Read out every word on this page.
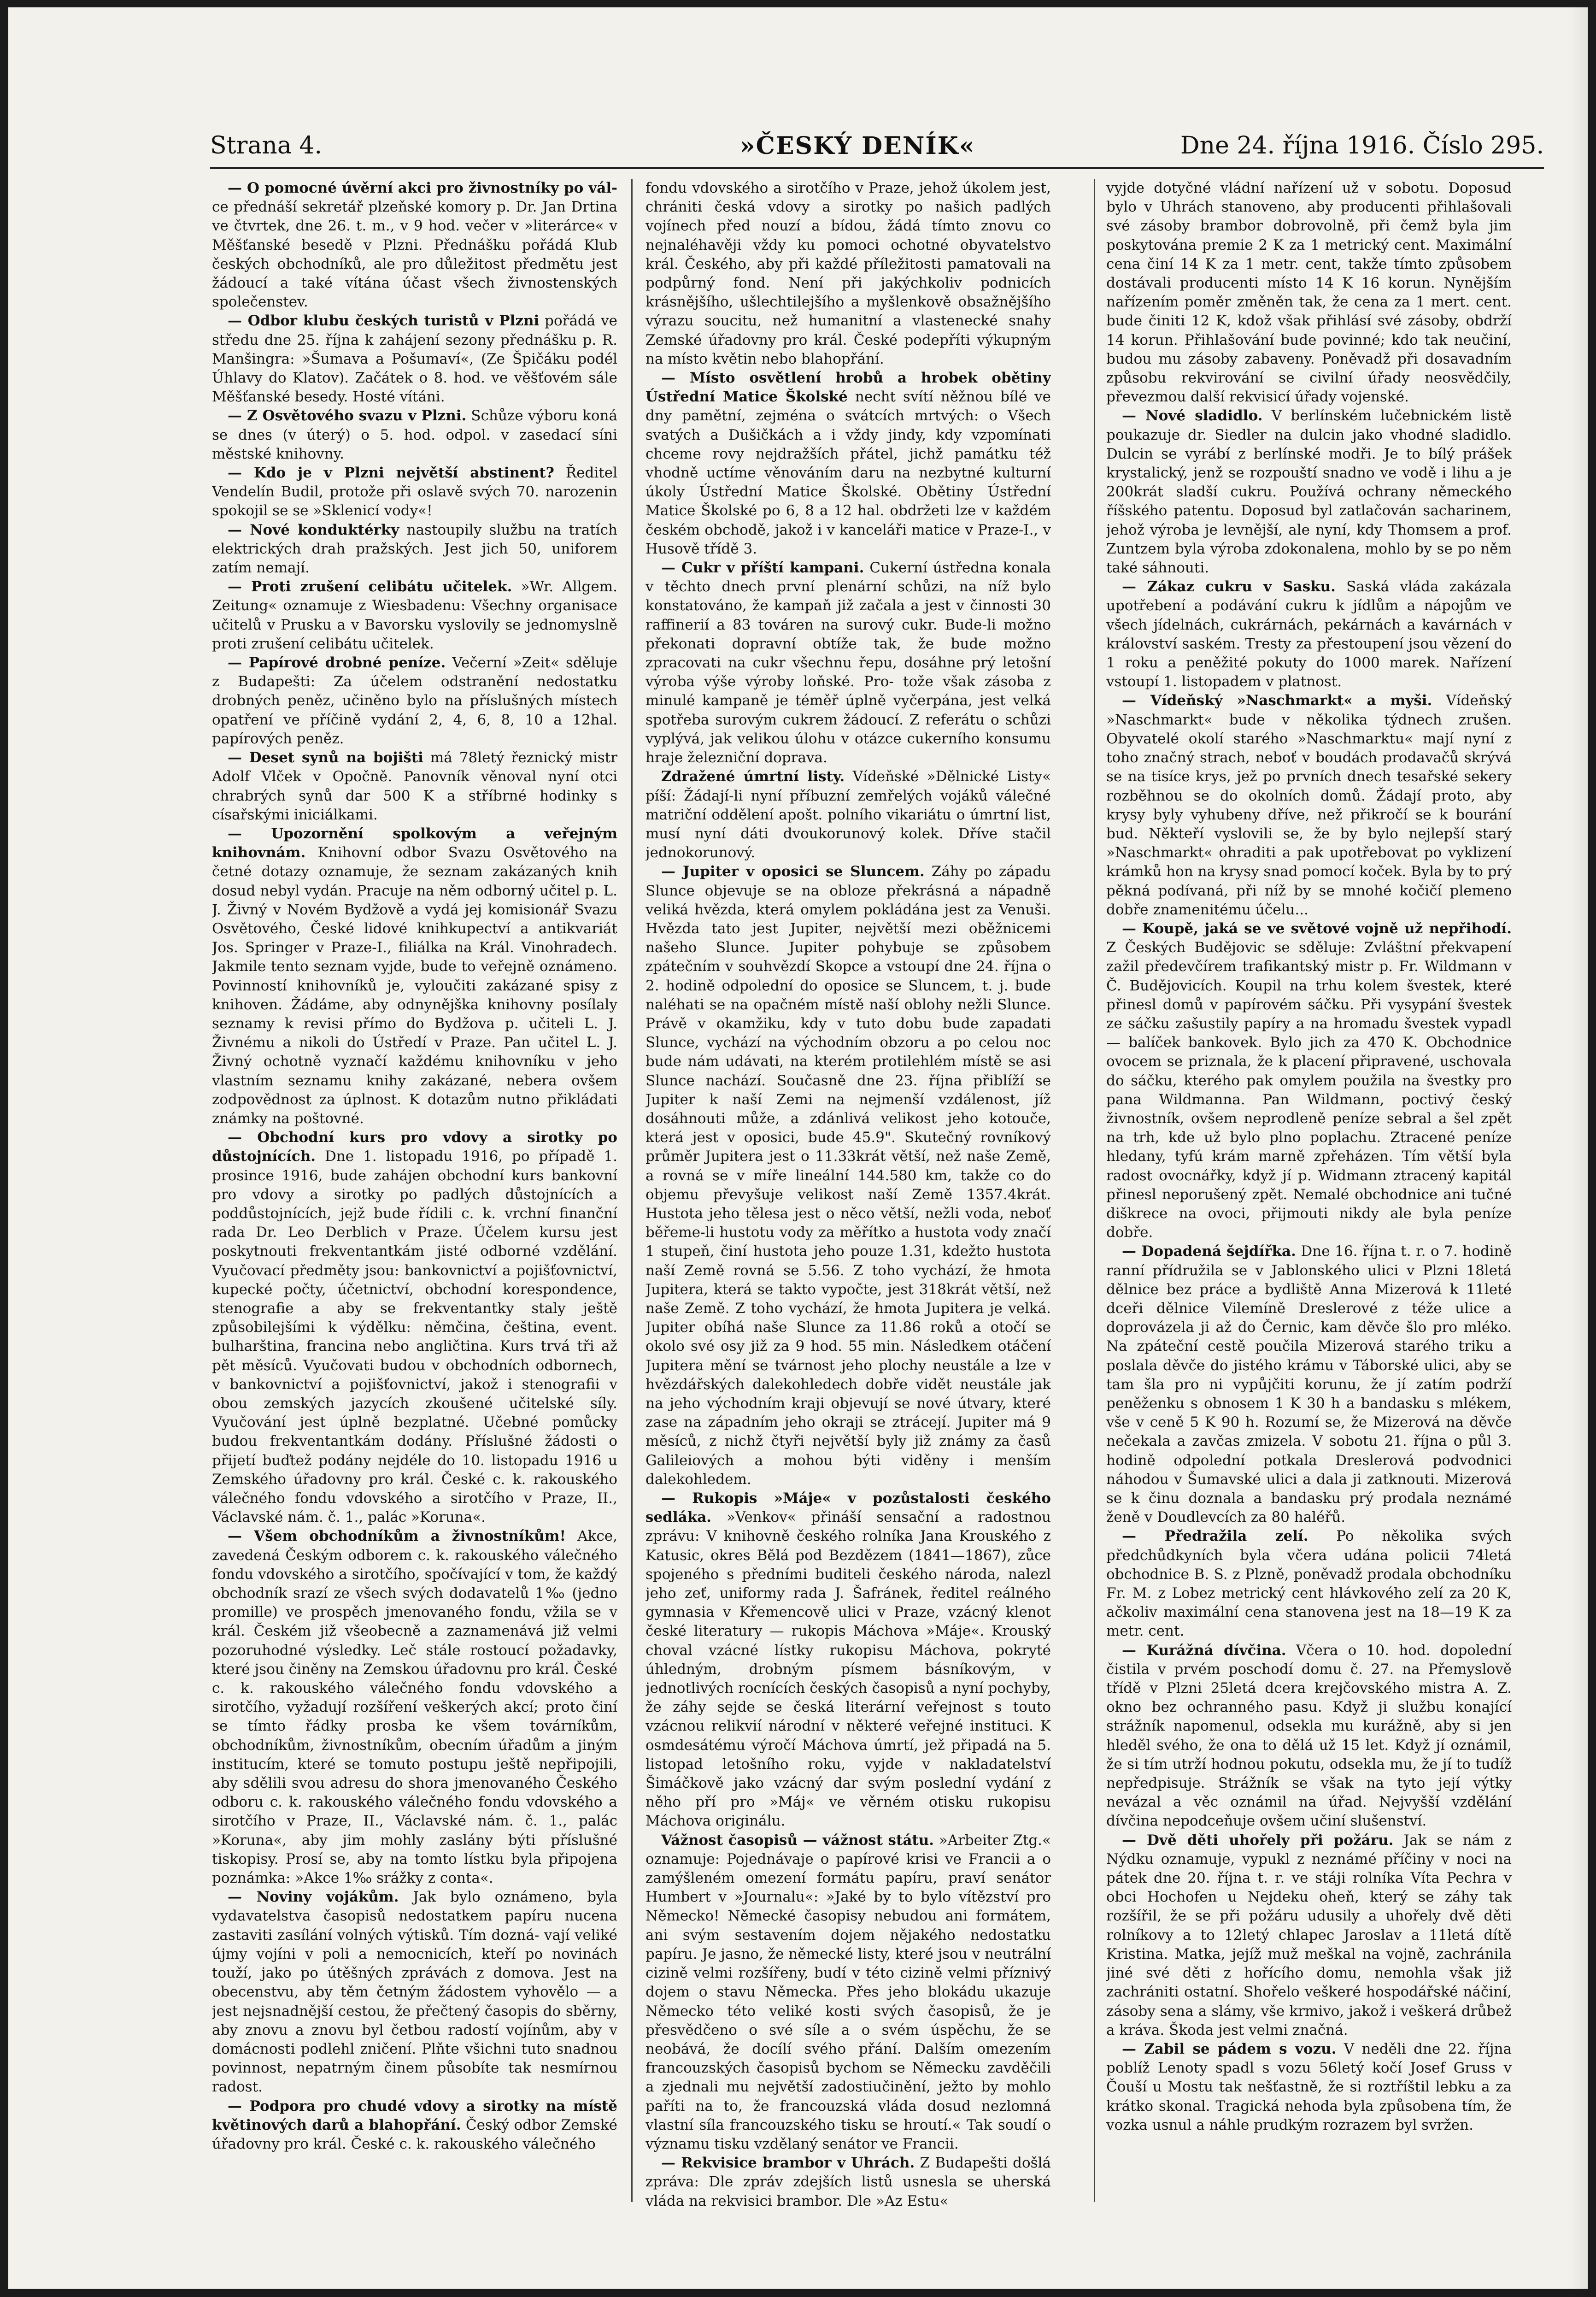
Strana 4.	»ČESKÝ DENÍK«	Dne 24. října 1916. Číslo 295.

— O pomocné úvěrní akci pro živnostníky po vál- ce přednáší sekretář plzeňské komory p. Dr. Jan Drtina ve čtvrtek, dne 26. t. m., v 9 hod. večer v »literárce« v Měšťanské besedě v Plzni. Přednášku pořádá Klub českých obchodníků, ale pro důležitost předmětu jest žádoucí a také vítána účast všech živnostenských společenstev.

— Odbor klubu českých turistů v Plzni pořádá ve středu dne 25. října k zahájení sezony přednášku p. R. Manšingra: »Šumava a Pošumaví«, (Ze Špičáku podél Úhlavy do Klatov). Začátek o 8. hod. ve věšťovém sále Měšťanské besedy. Hosté vítáni.

— Z Osvětového svazu v Plzni. Schůze výboru koná se dnes (v úterý) o 5. hod. odpol. v zasedací síni městské knihovny.

— Kdo je v Plzni největší abstinent? Ředitel Vendelín Budil, protože při oslavě svých 70. narozenin spokojil se se »Sklenicí vody«!

— Nové konduktérky nastoupily službu na tratích elektrických drah pražských. Jest jich 50, uniforem zatím nemají.

— Proti zrušení celibátu učitelek. »Wr. Allgem. Zeitung« oznamuje z Wiesbadenu: Všechny organisace učitelů v Prusku a v Bavorsku vyslovily se jednomyslně proti zrušení celibátu učitelek.

— Papírové drobné peníze. Večerní »Zeit« sděluje z Budapešti: Za účelem odstranění nedostatku drobných peněz, učiněno bylo na příslušných místech opatření ve příčině vydání 2, 4, 6, 8, 10 a 12hal. papírových peněz.

— Deset synů na bojišti má 78letý řeznický mistr Adolf Vlček v Opočně. Panovník věnoval nyní otci chrabrých synů dar 500 K a stříbrné hodinky s císařskými iniciálkami.

— Upozornění spolkovým a veřejným knihovnám. Knihovní odbor Svazu Osvětového na četné dotazy oznamuje, že seznam zakázaných knih dosud nebyl vydán. Pracuje na něm odborný učitel p. L. J. Živný v Novém Bydžově a vydá jej komisionář Svazu Osvětového, České lidové knihkupectví a antikvariát Jos. Springer v Praze-I., filiálka na Král. Vinohradech. Jakmile tento seznam vyjde, bude to veřejně oznámeno. Povinností knihovníků je, vyloučiti zakázané spisy z knihoven. Žádáme, aby odnynějška knihovny posílaly seznamy k revisi přímo do Bydžova p. učiteli L. J. Živnému a nikoli do Ústředí v Praze. Pan učitel L. J. Živný ochotně vyznačí každému knihovníku v jeho vlastním seznamu knihy zakázané, nebera ovšem zodpovědnost za úplnost. K dotazům nutno přikládati známky na poštovné.

— Obchodní kurs pro vdovy a sirotky po důstojnících. Dne 1. listopadu 1916, po případě 1. prosince 1916, bude zahájen obchodní kurs bankovní pro vdovy a sirotky po padlých důstojnících a poddůstojnících, jejž bude řídili c. k. vrchní finanční rada Dr. Leo Derblich v Praze. Účelem kursu jest poskytnouti frekventantkám jisté odborné vzdělání. Vyučovací předměty jsou: bankovnictví a pojišťovnictví, kupecké počty, účetnictví, obchodní korespondence, stenografie a aby se frekventantky staly ještě způsobilejšími k výdělku: němčina, čeština, event. bulharština, francina nebo angličtina. Kurs trvá tři až pět měsíců. Vyučovati budou v obchodních odbornech, v bankovnictví a pojišťovnictví, jakož i stenografii v obou zemských jazycích zkoušené učitelské síly. Vyučování jest úplně bezplatné. Učebné pomůcky budou frekventantkám dodány. Příslušné žádosti o přijetí buďtež podány nejdéle do 10. listopadu 1916 u Zemského úřadovny pro král. České c. k. rakouského válečného fondu vdovského a sirotčího v Praze, II., Václavské nám. č. 1., palác »Koruna«.

— Všem obchodníkům a živnostníkům! Akce, zavedená Českým odborem c. k. rakouského válečného fondu vdovského a sirotčího, spočívající v tom, že každý obchodník srazí ze všech svých dodavatelů 1‰ (jedno promille) ve prospěch jmenovaného fondu, vžila se v král. Českém již všeobecně a zaznamenává již velmi pozoruhodné výsledky. Leč stále rostoucí požadavky, které jsou činěny na Zemskou úřadovnu pro král. České c. k. rakouského válečného fondu vdovského a sirotčího, vyžadují rozšíření veškerých akcí; proto činí se tímto řádky prosba ke všem továrníkům, obchodníkům, živnostníkům, obecním úřadům a jiným institucím, které se tomuto postupu ještě nepřipojili, aby sdělili svou adresu do shora jmenovaného Českého odboru c. k. rakouského válečného fondu vdovského a sirotčího v Praze, II., Václavské nám. č. 1., palác »Koruna«, aby jim mohly zaslány býti příslušné tiskopisy. Prosí se, aby na tomto lístku byla připojena poznámka: »Akce 1‰ srážky z conta«.

— Noviny vojákům. Jak bylo oznámeno, byla vydavatelstva časopisů nedostatkem papíru nucena zastaviti zasílání volných výtisků. Tím dozná- vají veliké újmy vojíni v poli a nemocnicích, kteří po novinách touží, jako po útěšných zprávách z domova. Jest na obecenstvu, aby těm četným žádostem vyhovělo — a jest nejsnadnější cestou, že přečtený časopis do sběrny, aby znovu a znovu byl četbou radostí vojínům, aby v domácnosti podlehl zničení. Plňte všichni tuto snadnou povinnost, nepatrným činem působíte tak nesmírnou radost.

— Podpora pro chudé vdovy a sirotky na místě květinových darů a blahopřání. Český odbor Zemské úřadovny pro král. České c. k. rakouského válečného

fondu vdovského a sirotčího v Praze, jehož úkolem jest, chrániti česká vdovy a sirotky po našich padlých vojínech před nouzí a bídou, žádá tímto znovu co nejnaléhavěji vždy ku pomoci ochotné obyvatelstvo král. Českého, aby při každé příležitosti pamatovali na podpůrný fond. Není při jakýchkoliv podnicích krásnějšího, ušlechtilejšího a myšlenkově obsažnějšího výrazu soucitu, než humanitní a vlastenecké snahy Zemské úřadovny pro král. České podepříti výkupným na místo květin nebo blahopřání.

— Místo osvětlení hrobů a hrobek obětiny Ústřední Matice Školské necht svítí něžnou bílé ve dny pamětní, zejména o svátcích mrtvých: o Všech svatých a Dušičkách a i vždy jindy, kdy vzpomínati chceme rovy nejdražších přátel, jichž památku též vhodně uctíme věnováním daru na nezbytné kulturní úkoly Ústřední Matice Školské. Obětiny Ústřední Matice Školské po 6, 8 a 12 hal. obdržeti lze v každém českém obchodě, jakož i v kanceláři matice v Praze-I., v Husově třídě 3.

— Cukr v příští kampani. Cukerní ústředna konala v těchto dnech první plenární schůzi, na níž bylo konstatováno, že kampaň již začala a jest v činnosti 30 raffinerií a 83 továren na surový cukr. Bude-li možno překonati dopravní obtíže tak, že bude možno zpracovati na cukr všechnu řepu, dosáhne prý letošní výroba výše výroby loňské. Pro- tože však zásoba z minulé kampaně je téměř úplně vyčerpána, jest velká spotřeba surovým cukrem žádoucí. Z referátu o schůzi vyplývá, jak velikou úlohu v otázce cukerního konsumu hraje železniční doprava.

Zdražené úmrtní listy. Vídeňské »Dělnické Listy« píší: Žádají-li nyní příbuzní zemřelých vojáků válečné matriční oddělení apošt. polního vikariátu o úmrtní list, musí nyní dáti dvoukorunový kolek. Dříve stačil jednokorunový.

— Jupiter v oposici se Sluncem. Záhy po západu Slunce objevuje se na obloze překrásná a nápadně veliká hvězda, která omylem pokládána jest za Venuši. Hvězda tato jest Jupiter, největší mezi oběžnicemi našeho Slunce. Jupiter pohybuje se způsobem zpátečním v souhvězdí Skopce a vstoupí dne 24. října o 2. hodině odpolední do oposice se Sluncem, t. j. bude naléhati se na opačném místě naší oblohy nežli Slunce. Právě v okamžiku, kdy v tuto dobu bude zapadati Slunce, vychází na východním obzoru a po celou noc bude nám udávati, na kterém protilehlém místě se asi Slunce nachází. Současně dne 23. října přiblíží se Jupiter k naší Zemi na nejmenší vzdálenost, jíž dosáhnouti může, a zdánlivá velikost jeho kotouče, která jest v oposici, bude 45.9". Skutečný rovníkový průměr Jupitera jest o 11.33krát větší, než naše Země, a rovná se v míře lineální 144.580 km, takže co do objemu převyšuje velikost naší Země 1357.4krát. Hustota jeho tělesa jest o něco větší, nežli voda, neboť běřeme-li hustotu vody za měřítko a hustota vody značí 1 stupeň, činí hustota jeho pouze 1.31, kdežto hustota naší Země rovná se 5.56. Z toho vychází, že hmota Jupitera, která se takto vypočte, jest 318krát větší, než naše Země. Z toho vychází, že hmota Jupitera je velká. Jupiter obíhá naše Slunce za 11.86 roků a otočí se okolo své osy již za 9 hod. 55 min. Následkem otáčení Jupitera mění se tvárnost jeho plochy neustále a lze v hvězdářských dalekohledech dobře vidět neustále jak na jeho východním kraji objevují se nové útvary, které zase na západním jeho okraji se ztrácejí. Jupiter má 9 měsíců, z nichž čtyři největší byly již známy za časů Galileiových a mohou býti viděny i menším dalekohledem.

— Rukopis »Máje« v pozůstalosti českého sedláka. »Venkov« přináší sensační a radostnou zprávu: V knihovně českého rolníka Jana Krouského z Katusic, okres Bělá pod Bezdězem (1841—1867), zůce spojeného s předními buditeli českého národa, nalezl jeho zeť, uniformy rada J. Šafránek, ředitel reálného gymnasia v Křemencově ulici v Praze, vzácný klenot české literatury — rukopis Máchova »Máje«. Krouský choval vzácné lístky rukopisu Máchova, pokryté úhledným, drobným písmem básníkovým, v jednotlivých rocnících českých časopisů a nyní pochyby, že záhy sejde se česká literární veřejnost s touto vzácnou relikvií národní v některé veřejné instituci. K osmdesátému výročí Máchova úmrtí, jež připadá na 5. listopad letošního roku, vyjde v nakladatelství Šimáčkově jako vzácný dar svým poslední vydání z něho pří pro »Máj« ve věrném otisku rukopisu Máchova originálu.

Vážnost časopisů — vážnost státu. »Arbeiter Ztg.« oznamuje: Pojednávaje o papírové krisi ve Francii a o zamýšleném omezení formátu papíru, praví senátor Humbert v »Journalu«: »Jaké by to bylo vítězství pro Německo! Německé časopisy nebudou ani formátem, ani svým sestavením dojem nějakého nedostatku papíru. Je jasno, že německé listy, které jsou v neutrální cizině velmi rozšířeny, budí v této cizině velmi příznivý dojem o stavu Německa. Přes jeho blokádu ukazuje Německo této veliké kosti svých časopisů, že je přesvědčeno o své síle a o svém úspěchu, že se neobává, že docílí svého přání. Dalším omezením francouzských časopisů bychom se Německu zavděčili a zjednali mu největší zadostiučinění, ježto by mohlo paříti na to, že francouzská vláda dosud nezlomná vlastní síla francouzského tisku se hroutí.« Tak soudí o významu tisku vzdělaný senátor ve Francii.

— Rekvisice brambor v Uhrách. Z Budapešti došlá zpráva: Dle zpráv zdejších listů usnesla se uherská vláda na rekvisici brambor. Dle »Az Estu«

vyjde dotyčné vládní nařízení už v sobotu. Doposud bylo v Uhrách stanoveno, aby producenti přihlašovali své zásoby brambor dobrovolně, při čemž byla jim poskytována premie 2 K za 1 metrický cent. Maximální cena činí 14 K za 1 metr. cent, takže tímto způsobem dostávali producenti místo 14 K 16 korun. Nynějším nařízením poměr změněn tak, že cena za 1 mert. cent. bude činiti 12 K, kdož však přihlásí své zásoby, obdrží 14 korun. Přihlašování bude povinné; kdo tak neučiní, budou mu zásoby zabaveny. Poněvadž při dosavadním způsobu rekvirování se civilní úřady neosvědčily, převezmou další rekvisicí úřady vojenské.

— Nové sladidlo. V berlínském lučebnickém listě poukazuje dr. Siedler na dulcin jako vhodné sladidlo. Dulcin se vyrábí z berlínské modři. Je to bílý prášek krystalický, jenž se rozpouští snadno ve vodě i lihu a je 200krát sladší cukru. Používá ochrany německého říšského patentu. Doposud byl zatlačován sacharinem, jehož výroba je levnější, ale nyní, kdy Thomsem a prof. Zuntzem byla výroba zdokonalena, mohlo by se po něm také sáhnouti.

— Zákaz cukru v Sasku. Saská vláda zakázala upotřebení a podávání cukru k jídlům a nápojům ve všech jídelnách, cukrárnách, pekárnách a kavárnách v království saském. Tresty za přestoupení jsou vězení do 1 roku a peněžité pokuty do 1000 marek. Nařízení vstoupí 1. listopadem v platnost.

— Vídeňský »Naschmarkt« a myši. Vídeňský »Naschmarkt« bude v několika týdnech zrušen. Obyvatelé okolí starého »Naschmarktu« mají nyní z toho značný strach, neboť v boudách prodavačů skrývá se na tisíce krys, jež po prvních dnech tesařské sekery rozběhnou se do okolních domů. Žádají proto, aby krysy byly vyhubeny dříve, než přikročí se k bourání bud. Někteří vyslovili se, že by bylo nejlepší starý »Naschmarkt« ohraditi a pak upotřebovat po vyklizení krámků hon na krysy snad pomocí koček. Byla by to prý pěkná podívaná, při níž by se mnohé kočičí plemeno dobře znamenitému účelu...

— Koupě, jaká se ve světové vojně už nepřihodí. Z Českých Budějovic se sděluje: Zvláštní překvapení zažil předevčírem trafikantský mistr p. Fr. Wildmann v Č. Budějovicích. Koupil na trhu kolem švestek, které přinesl domů v papírovém sáčku. Při vysypání švestek ze sáčku zašustily papíry a na hromadu švestek vypadl — balíček bankovek. Bylo jich za 470 K. Obchodnice ovocem se priznala, že k placení připravené, uschovala do sáčku, kterého pak omylem použila na švestky pro pana Wildmanna. Pan Wildmann, poctivý český živnostník, ovšem neprodleně peníze sebral a šel zpět na trh, kde už bylo plno poplachu. Ztracené peníze hledany, tyfú krám marně zpřeházen. Tím větší byla radost ovocnářky, když jí p. Widmann ztracený kapitál přinesl neporušený zpět. Nemalé obchodnice ani tučné diškrece na ovoci, přijmouti nikdy ale byla peníze dobře.

— Dopadená šejdířka. Dne 16. října t. r. o 7. hodině ranní přídružila se v Jablonského ulici v Plzni 18letá dělnice bez práce a bydliště Anna Mizerová k 11leté dceři dělnice Vilemíně Dreslerové z téže ulice a doprovázela ji až do Černic, kam děvče šlo pro mléko. Na zpáteční cestě poučila Mizerová starého triku a poslala děvče do jistého krámu v Táborské ulici, aby se tam šla pro ni vypůjčiti korunu, že jí zatím podrží peněženku s obnosem 1 K 30 h a bandasku s mlékem, vše v ceně 5 K 90 h. Rozumí se, že Mizerová na děvče nečekala a zavčas zmizela. V sobotu 21. října o půl 3. hodině odpolední potkala Dreslerová podvodnici náhodou v Šumavské ulici a dala ji zatknouti. Mizerová se k činu doznala a bandasku prý prodala neznámé ženě v Doudlevcích za 80 haléřů.

— Předražila zelí. Po několika svých předchůdkyních byla včera udána policii 74letá obchodnice B. S. z Plzně, poněvadž prodala obchodníku Fr. M. z Lobez metrický cent hlávkového zelí za 20 K, ačkoliv maximální cena stanovena jest na 18—19 K za metr. cent.

— Kurážná dívčina. Včera o 10. hod. dopolední čistila v prvém poschodí domu č. 27. na Přemyslově třídě v Plzni 25letá dcera krejčovského mistra A. Z. okno bez ochranného pasu. Když ji službu konající strážník napomenul, odsekla mu kurážně, aby si jen hleděl svého, že ona to dělá už 15 let. Když jí oznámil, že si tím utrží hodnou pokutu, odsekla mu, že jí to tudíž nepředpisuje. Strážník se však na tyto její výtky nevázal a věc oznámil na úřad. Nejvyšší vzdělání dívčina nepodceňuje ovšem učiní slušenství.

— Dvě děti uhořely při požáru. Jak se nám z Nýdku oznamuje, vypukl z neznámé příčiny v noci na pátek dne 20. října t. r. ve stáji rolníka Víta Pechra v obci Hochofen u Nejdeku oheň, který se záhy tak rozšířil, že se při požáru udusily a uhořely dvě děti rolníkovy a to 12letý chlapec Jaroslav a 11letá dítě Kristina. Matka, jejíž muž meškal na vojně, zachránila jiné své děti z hořícího domu, nemohla však již zachrániti ostatní. Shořelo veškeré hospodářské náčiní, zásoby sena a slámy, vše krmivo, jakož i veškerá drůbež a kráva. Škoda jest velmi značná.

— Zabil se pádem s vozu. V neděli dne 22. října poblíž Lenoty spadl s vozu 56letý kočí Josef Gruss v Čouší u Mostu tak nešťastně, že si roztříštil lebku a za krátko skonal. Tragická nehoda byla způsobena tím, že vozka usnul a náhle prudkým rozrazem byl svržen.
